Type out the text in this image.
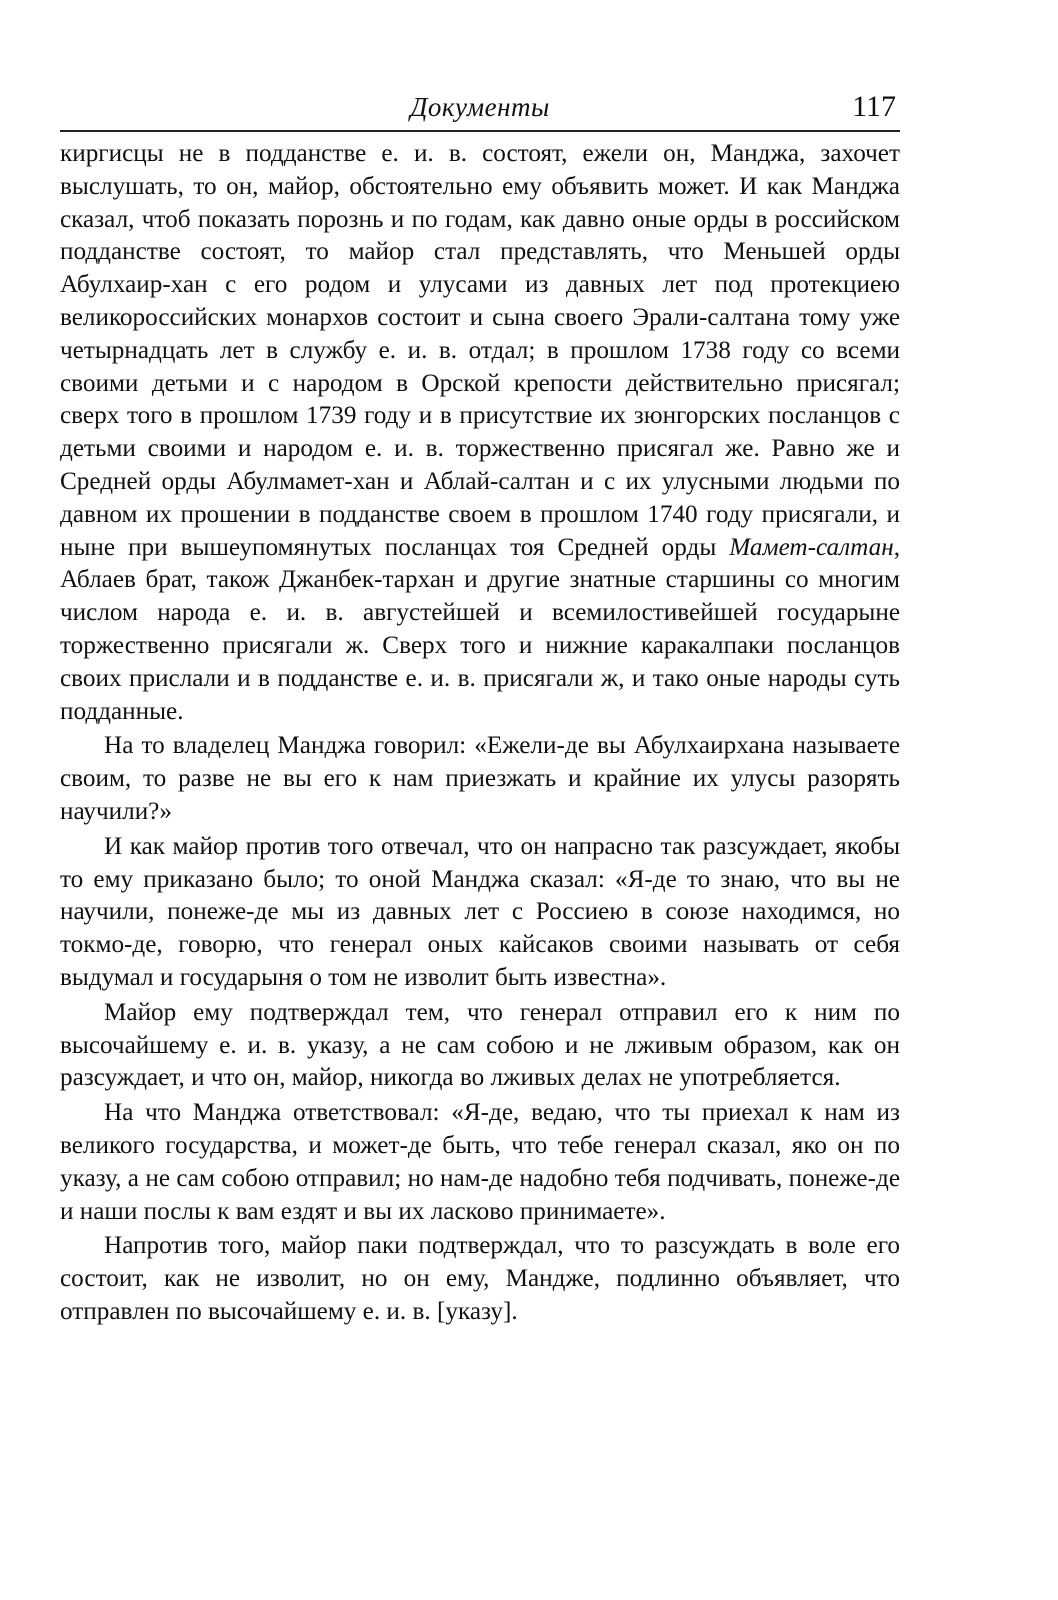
Документы	117

киргисцы не в подданстве е. и. в. состоят, ежели он, Манджа, захочет выслушать, то он, майор, обстоятельно ему объявить может. И как Манджа сказал, чтоб показать порознь и по годам, как давно оные орды в российском подданстве состоят, то майор стал представлять, что Меньшей орды Абулхаир-хан с его родом и улусами из давных лет под протекциею великороссийских монархов состоит и сына своего Эрали-салтана тому уже четырнадцать лет в службу е. и. в. отдал; в прошлом 1738 году со всеми своими детьми и с народом в Орской крепости действительно присягал; сверх того в прошлом 1739 году и в присутствие их зюнгорских посланцов с детьми своими и народом е. и. в. торжественно присягал же. Равно же и Средней орды Абулмамет-хан и Аблай-салтан и с их улусными людьми по давном их прошении в подданстве своем в прошлом 1740 году присягали, и ныне при вышеупомянутых посланцах тоя Средней орды Мамет-салтан, Аблаев брат, також Джанбек-тархан и другие знатные старшины со многим числом народа е. и. в. августейшей и всемилостивейшей государыне торжественно присягали ж. Сверх того и нижние каракалпаки посланцов своих прислали и в подданстве е. и. в. присягали ж, и тако оные народы суть подданные.

На то владелец Манджа говорил: «Ежели-де вы Абулхаирхана называете своим, то разве не вы его к нам приезжать и крайние их улусы разорять научили?»

И как майор против того отвечал, что он напрасно так разсуждает, якобы то ему приказано было; то оной Манджа сказал: «Я-де то знаю, что вы не научили, понеже-де мы из давных лет с Россиею в союзе находимся, но токмо-де, говорю, что генерал оных кайсаков своими называть от себя выдумал и государыня о том не изволит быть известна».

Майор ему подтверждал тем, что генерал отправил его к ним по высочайшему е. и. в. указу, а не сам собою и не лживым образом, как он разсуждает, и что он, майор, никогда во лживых делах не употребляется.

На что Манджа ответствовал: «Я-де, ведаю, что ты приехал к нам из великого государства, и может-де быть, что тебе генерал сказал, яко он по указу, а не сам собою отправил; но нам-де надобно тебя подчивать, понеже-де и наши послы к вам ездят и вы их ласково принимаете».

Напротив того, майор паки подтверждал, что то разсуждать в воле его состоит, как не изволит, но он ему, Мандже, подлинно объявляет, что отправлен по высочайшему е. и. в. [указу].
